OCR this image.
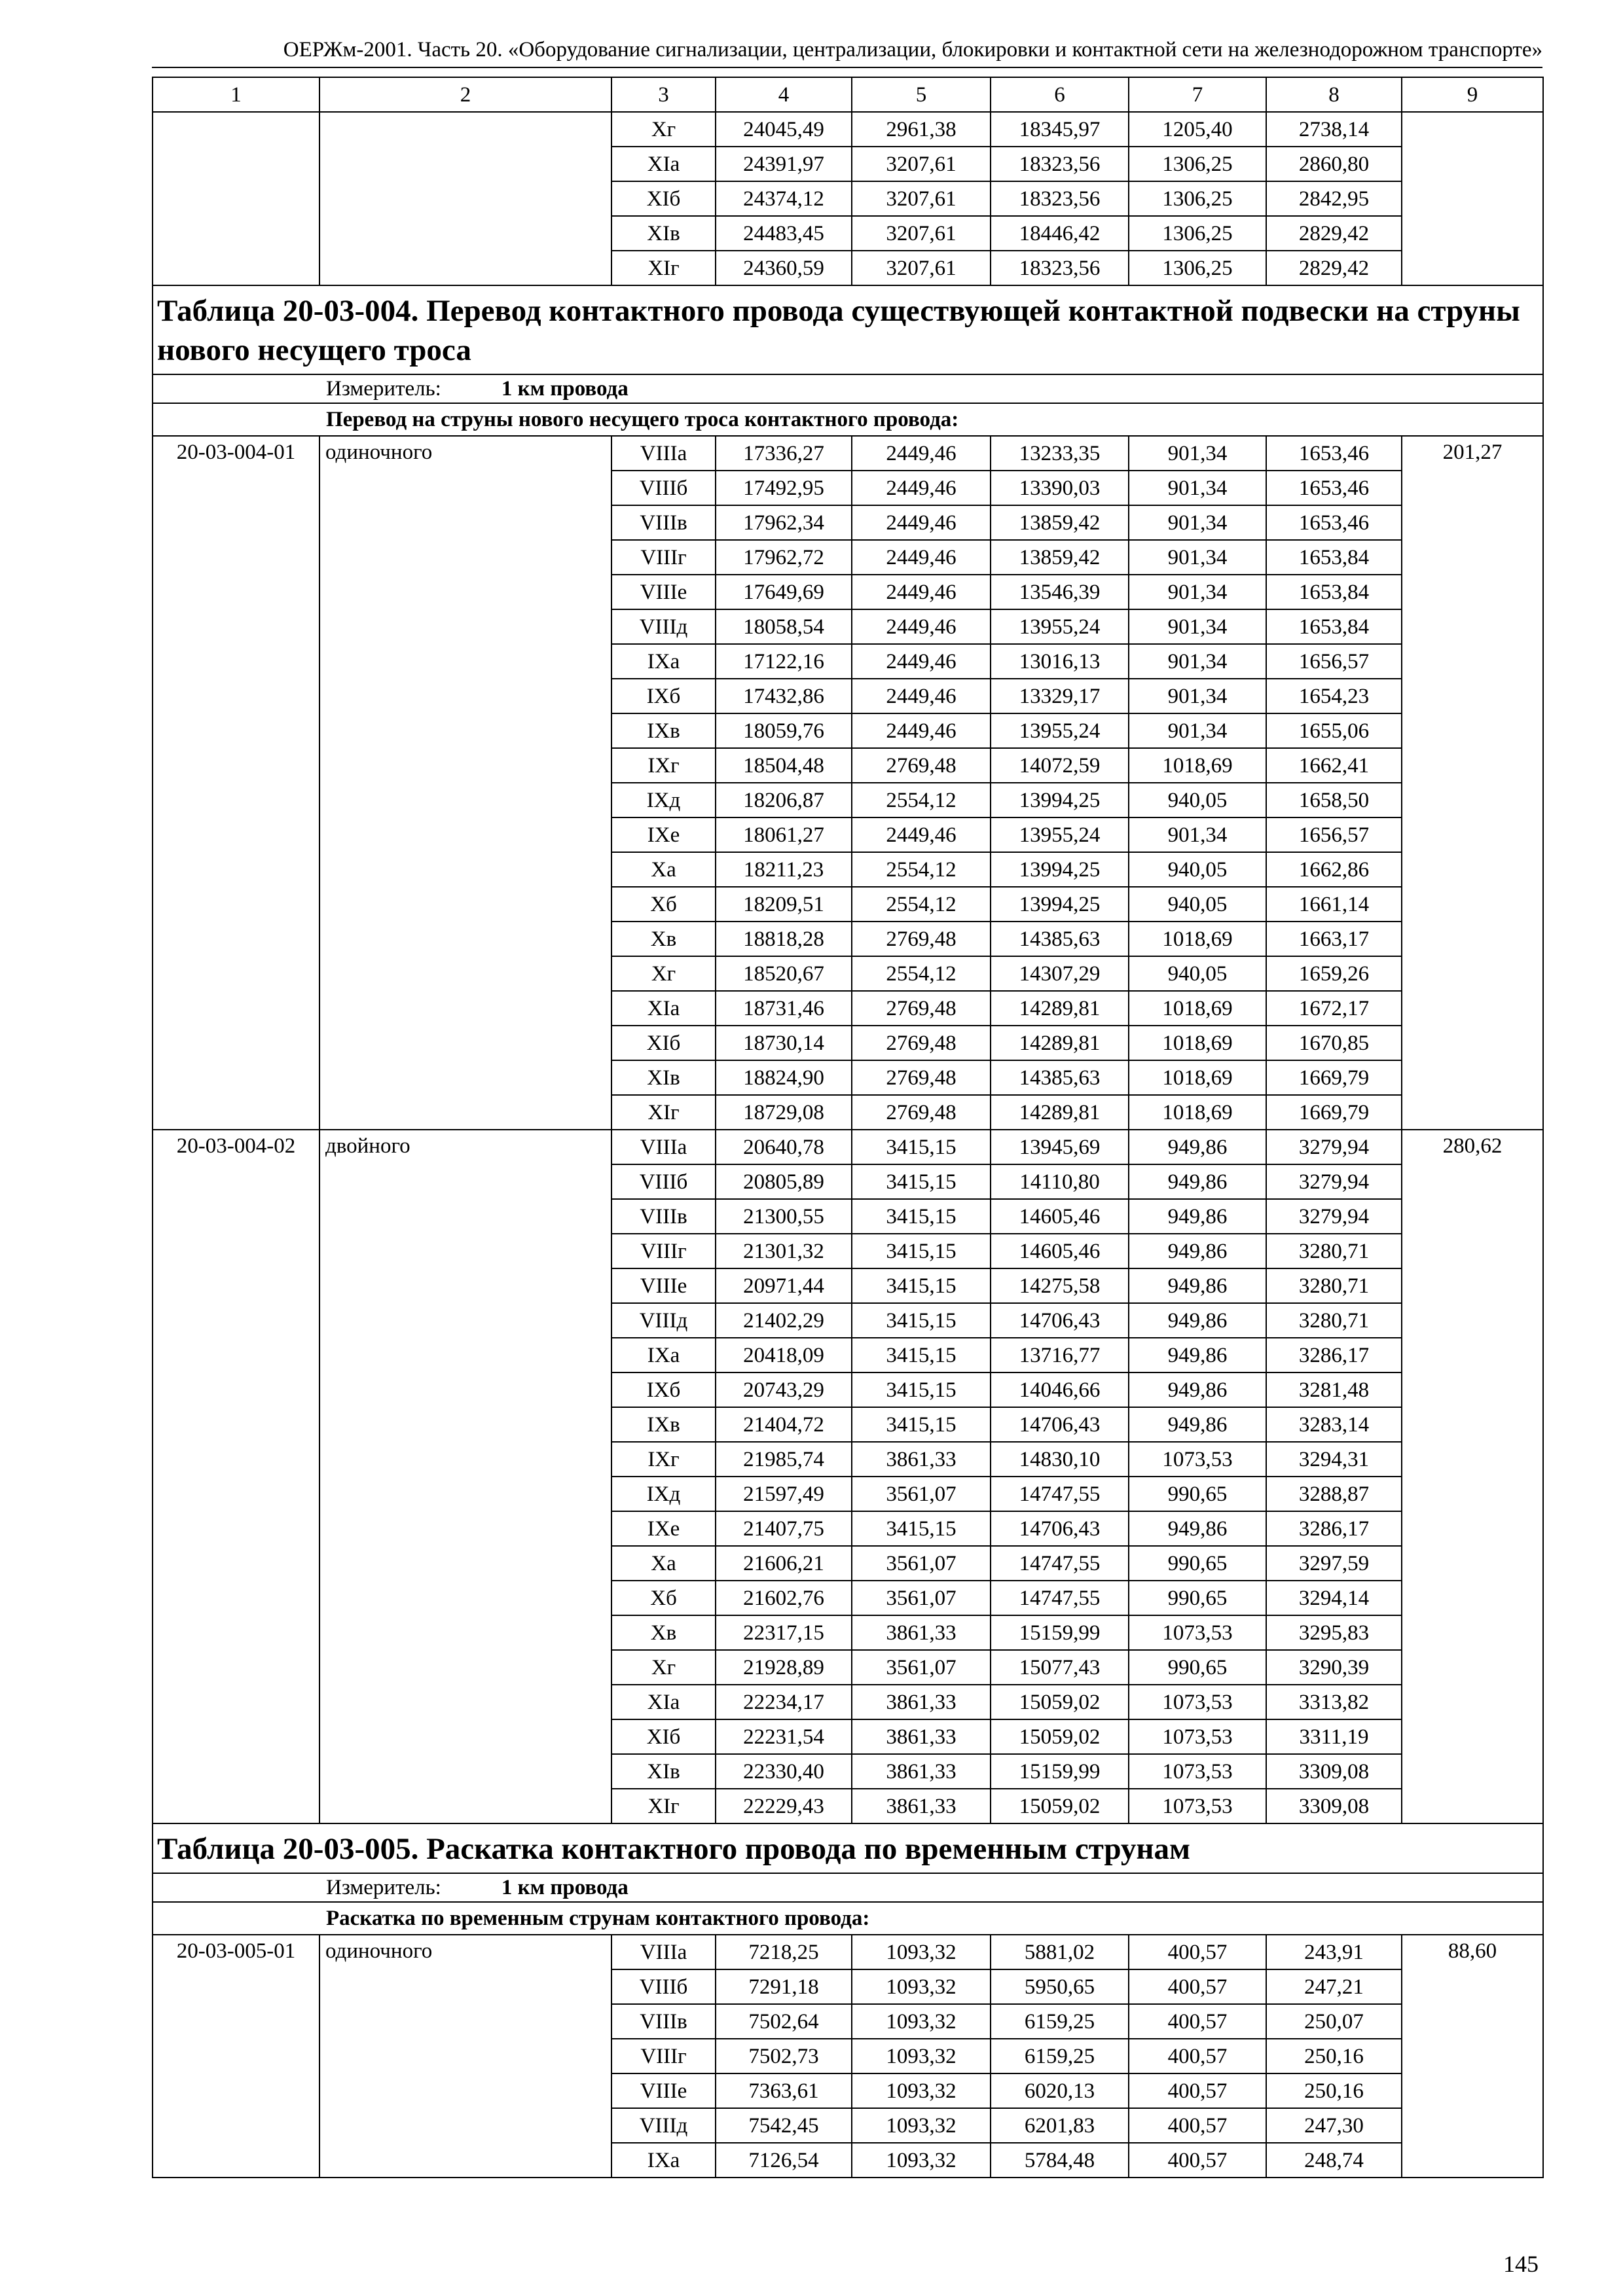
ОЕРЖм-2001. Часть 20. «Оборудование сигнализации, централизации, блокировки и контактной сети на железнодорожном транспорте»
1	2	3	4	5	6	7	8	9
		Xг	24045,49	2961,38	18345,97	1205,40	2738,14	
		XIа	24391,97	3207,61	18323,56	1306,25	2860,80	
		XIб	24374,12	3207,61	18323,56	1306,25	2842,95	
		XIв	24483,45	3207,61	18446,42	1306,25	2829,42	
		XIг	24360,59	3207,61	18323,56	1306,25	2829,42	
Таблица 20-03-004. Перевод контактного провода существующей контактной подвески на струны нового несущего троса								
Измеритель: 1 км провода								
Перевод на струны нового несущего троса контактного провода:								
20-03-004-01	одиночного	VIIIа	17336,27	2449,46	13233,35	901,34	1653,46	201,27
		VIIIб	17492,95	2449,46	13390,03	901,34	1653,46	
		VIIIв	17962,34	2449,46	13859,42	901,34	1653,46	
		VIIIг	17962,72	2449,46	13859,42	901,34	1653,84	
		VIIIе	17649,69	2449,46	13546,39	901,34	1653,84	
		VIIIд	18058,54	2449,46	13955,24	901,34	1653,84	
		IXа	17122,16	2449,46	13016,13	901,34	1656,57	
		IXб	17432,86	2449,46	13329,17	901,34	1654,23	
		IXв	18059,76	2449,46	13955,24	901,34	1655,06	
		IXг	18504,48	2769,48	14072,59	1018,69	1662,41	
		IXд	18206,87	2554,12	13994,25	940,05	1658,50	
		IXе	18061,27	2449,46	13955,24	901,34	1656,57	
		Xа	18211,23	2554,12	13994,25	940,05	1662,86	
		Xб	18209,51	2554,12	13994,25	940,05	1661,14	
		Xв	18818,28	2769,48	14385,63	1018,69	1663,17	
		Xг	18520,67	2554,12	14307,29	940,05	1659,26	
		XIа	18731,46	2769,48	14289,81	1018,69	1672,17	
		XIб	18730,14	2769,48	14289,81	1018,69	1670,85	
		XIв	18824,90	2769,48	14385,63	1018,69	1669,79	
		XIг	18729,08	2769,48	14289,81	1018,69	1669,79	
20-03-004-02	двойного	VIIIа	20640,78	3415,15	13945,69	949,86	3279,94	280,62
		VIIIб	20805,89	3415,15	14110,80	949,86	3279,94	
		VIIIв	21300,55	3415,15	14605,46	949,86	3279,94	
		VIIIг	21301,32	3415,15	14605,46	949,86	3280,71	
		VIIIе	20971,44	3415,15	14275,58	949,86	3280,71	
		VIIIд	21402,29	3415,15	14706,43	949,86	3280,71	
		IXа	20418,09	3415,15	13716,77	949,86	3286,17	
		IXб	20743,29	3415,15	14046,66	949,86	3281,48	
		IXв	21404,72	3415,15	14706,43	949,86	3283,14	
		IXг	21985,74	3861,33	14830,10	1073,53	3294,31	
		IXд	21597,49	3561,07	14747,55	990,65	3288,87	
		IXе	21407,75	3415,15	14706,43	949,86	3286,17	
		Xа	21606,21	3561,07	14747,55	990,65	3297,59	
		Xб	21602,76	3561,07	14747,55	990,65	3294,14	
		Xв	22317,15	3861,33	15159,99	1073,53	3295,83	
		Xг	21928,89	3561,07	15077,43	990,65	3290,39	
		XIа	22234,17	3861,33	15059,02	1073,53	3313,82	
		XIб	22231,54	3861,33	15059,02	1073,53	3311,19	
		XIв	22330,40	3861,33	15159,99	1073,53	3309,08	
		XIг	22229,43	3861,33	15059,02	1073,53	3309,08	
Таблица 20-03-005. Раскатка контактного провода по временным струнам								
Измеритель: 1 км провода								
Раскатка по временным струнам контактного провода:								
20-03-005-01	одиночного	VIIIа	7218,25	1093,32	5881,02	400,57	243,91	88,60
		VIIIб	7291,18	1093,32	5950,65	400,57	247,21	
		VIIIв	7502,64	1093,32	6159,25	400,57	250,07	
		VIIIг	7502,73	1093,32	6159,25	400,57	250,16	
		VIIIе	7363,61	1093,32	6020,13	400,57	250,16	
		VIIIд	7542,45	1093,32	6201,83	400,57	247,30	
		IXа	7126,54	1093,32	5784,48	400,57	248,74	
145
